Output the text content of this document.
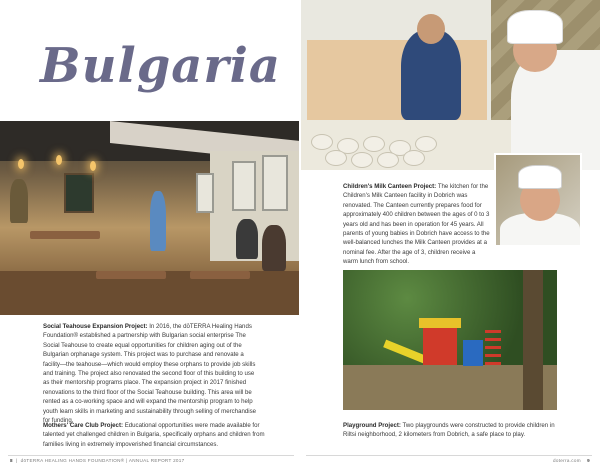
Bulgaria

Children's Milk Canteen Project: The kitchen for the Children's Milk Canteen facility in Dobrich was renovated. The Canteen currently prepares food for approximately 400 children between the ages of 0 to 3 years old and has been in operation for 45 years. All parents of young babies in Dobrich have access to the well-balanced lunches the Milk Canteen provides at a nominal fee. After the age of 3, children receive a warm lunch from school.

Social Teahouse Expansion Project: In 2016, the dōTERRA Healing Hands Foundation® established a partnership with Bulgarian social enterprise The Social Teahouse to create equal opportunities for children aging out of the Bulgarian orphanage system. This project was to purchase and renovate a facility—the teahouse—which would employ these orphans to provide job skills and training. The project also renovated the second floor of this building to use as their mentorship programs place. The expansion project in 2017 finished renovations to the third floor of the Social Teahouse building. This area will be rented as a co-working space and will expand the mentorship program to help youth learn skills in marketing and sustainability through selling of merchandise for funding.

Mothers' Care Club Project: Educational opportunities were made available for talented yet challenged children in Bulgaria, specifically orphans and children from families living in extremely impoverished financial circumstances.

Playground Project: Two playgrounds were constructed to provide children in Riltsi neighborhood, 2 kilometers from Dobrich, a safe place to play.

8  |  dōTERRA HEALING HANDS FOUNDATION® | ANNUAL REPORT 2017	doterra.com 9
